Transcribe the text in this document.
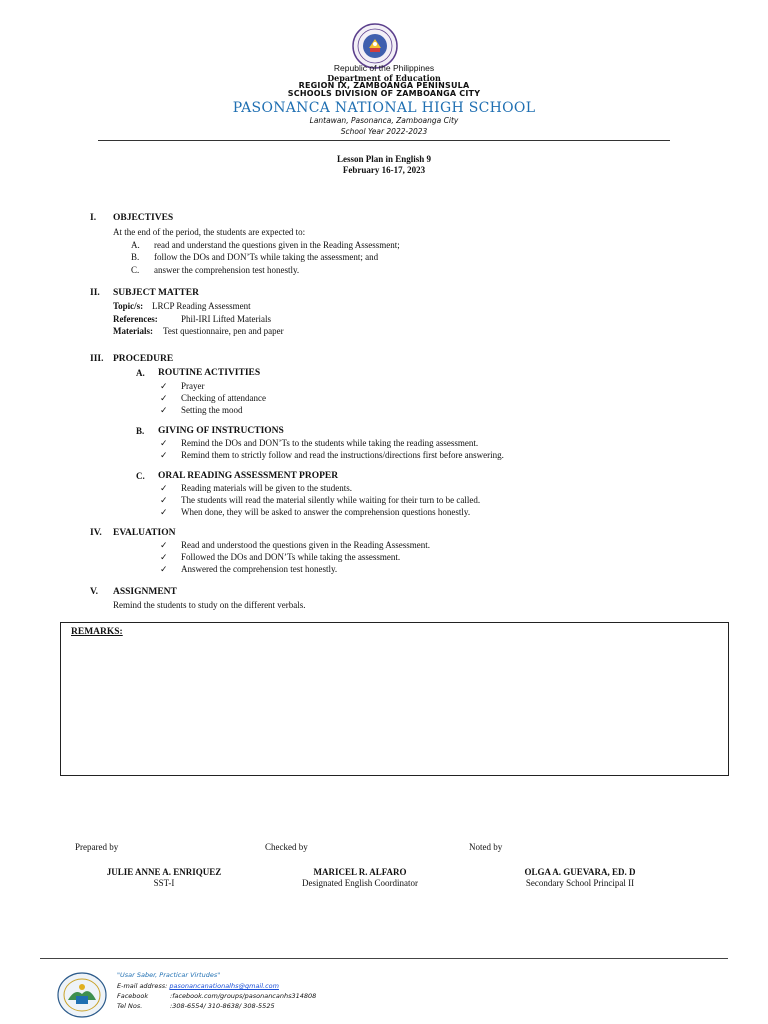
Republic of the Philippines
Department of Education
REGION IX, ZAMBOANGA PENINSULA
SCHOOLS DIVISION OF ZAMBOANGA CITY
PASONANCA NATIONAL HIGH SCHOOL
Lantawan, Pasonanca, Zamboanga City
School Year 2022-2023
Lesson Plan in English 9
February 16-17, 2023
I. OBJECTIVES
At the end of the period, the students are expected to:
A. read and understand the questions given in the Reading Assessment;
B. follow the DOs and DON’Ts while taking the assessment; and
C. answer the comprehension test honestly.
II. SUBJECT MATTER
Topic/s: LRCP Reading Assessment
References:	Phil-IRI Lifted Materials
Materials: Test questionnaire, pen and paper
III. PROCEDURE
A. ROUTINE ACTIVITIES
✓ Prayer
✓ Checking of attendance
✓ Setting the mood
B. GIVING OF INSTRUCTIONS
✓ Remind the DOs and DON’Ts to the students while taking the reading assessment.
✓ Remind them to strictly follow and read the instructions/directions first before answering.
C. ORAL READING ASSESSMENT PROPER
✓ Reading materials will be given to the students.
✓ The students will read the material silently while waiting for their turn to be called.
✓ When done, they will be asked to answer the comprehension questions honestly.
IV. EVALUATION
✓ Read and understood the questions given in the Reading Assessment.
✓ Followed the DOs and DON’Ts while taking the assessment.
✓ Answered the comprehension test honestly.
V. ASSIGNMENT
Remind the students to study on the different verbals.
REMARKS:
Prepared by	Checked by	Noted by
JULIE ANNE A. ENRIQUEZ
SST-I
MARICEL R. ALFARO
Designated English Coordinator
OLGA A. GUEVARA, ED. D
Secondary School Principal II
"Usar Saber, Practicar Virtudes"
E-mail address: pasonancanationalhs@gmail.com
Facebook	:facebook.com/groups/pasonancanhs314808
Tel Nos.	:308-6554/ 310-8638/ 308-5525
